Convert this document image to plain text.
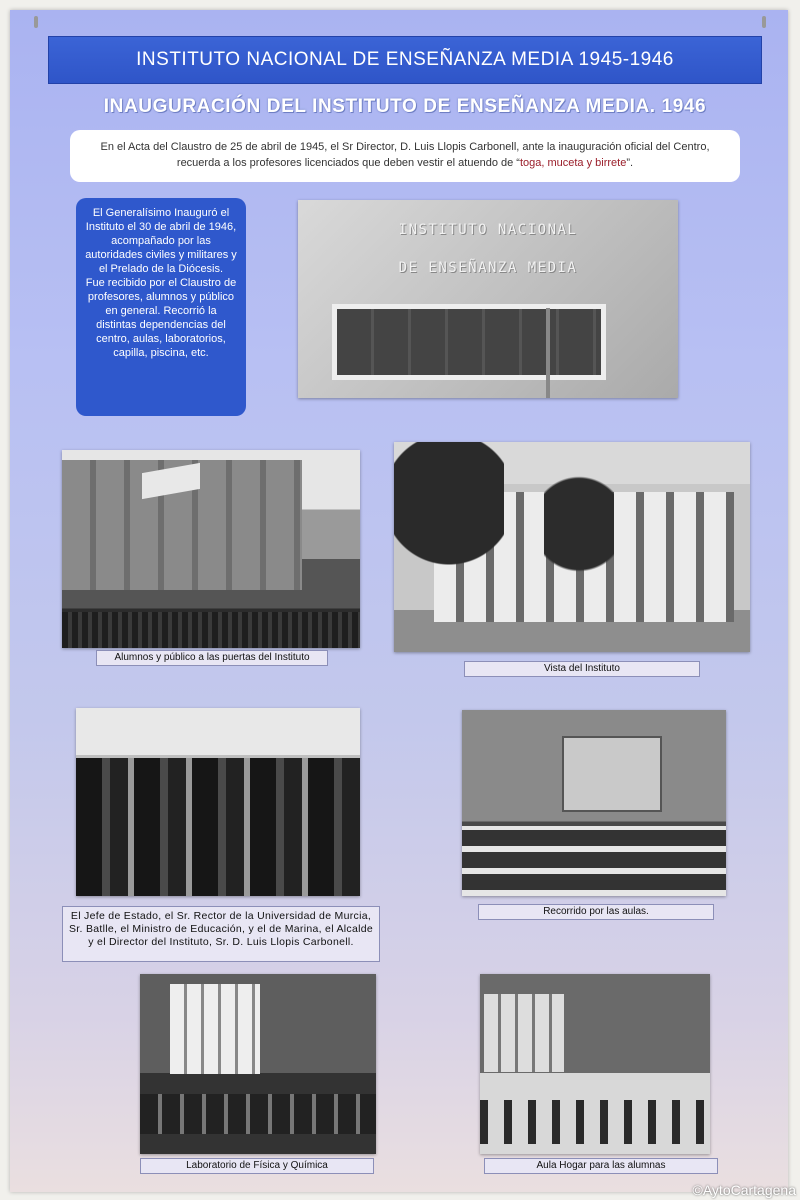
INSTITUTO NACIONAL DE ENSEÑANZA MEDIA 1945-1946
INAUGURACIÓN DEL INSTITUTO DE ENSEÑANZA MEDIA. 1946
En el Acta del Claustro de 25 de abril de 1945, el Sr Director, D. Luis Llopis Carbonell, ante la inauguración oficial del Centro, recuerda a los profesores licenciados que deben vestir el atuendo de “toga, muceta y birrete”.
El Generalísimo Inauguró el Instituto el 30 de abril de 1946, acompañado por las autoridades civiles y militares y el Prelado de la Diócesis.
Fue recibido por el Claustro de profesores, alumnos y público en general. Recorrió la distintas dependencias del centro, aulas, laboratorios, capilla, piscina, etc.
INSTITUTO NACIONAL
DE ENSEÑANZA MEDIA
Alumnos y público a las puertas del Instituto
Vista del Instituto
El Jefe de Estado, el Sr. Rector de la Universidad de Murcia, Sr. Batlle, el Ministro de Educación, y el de Marina, el Alcalde y el Director del Instituto, Sr. D. Luis Llopis Carbonell.
Recorrido por las aulas.
Laboratorio de Física y Química	Aula Hogar para las alumnas
©AytoCartagena
